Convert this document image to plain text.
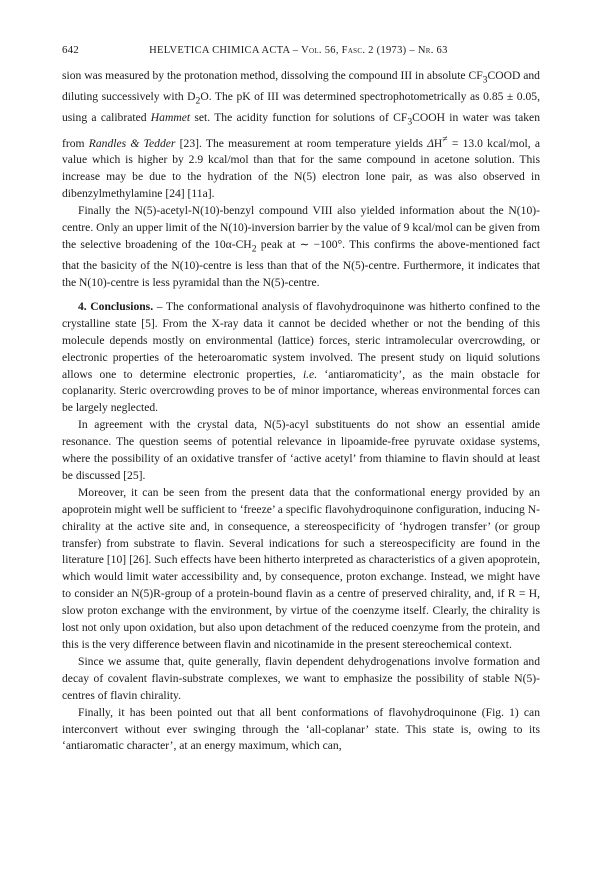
642	HELVETICA CHIMICA ACTA – Vol. 56, Fasc. 2 (1973) – Nr. 63

sion was measured by the protonation method, dissolving the compound III in absolute $CF_3COOD$ and diluting successively with $D_2O$. The pK of III was determined spectrophotometrically as 0.85 ± 0.05, using a calibrated Hammet set. The acidity function for solutions of $CF_3COOH$ in water was taken from Randles & Tedder [23]. The measurement at room temperature yields ΔH≠ = 13.0 kcal/mol, a value which is higher by 2.9 kcal/mol than that for the same compound in acetone solution. This increase may be due to the hydration of the N(5) electron lone pair, as was also observed in dibenzylmethylamine [24] [11a].

Finally the N(5)-acetyl-N(10)-benzyl compound VIII also yielded information about the N(10)-centre. Only an upper limit of the N(10)-inversion barrier by the value of 9 kcal/mol can be given from the selective broadening of the $10\alpha-CH_2$ peak at ∼ −100°. This confirms the above-mentioned fact that the basicity of the N(10)-centre is less than that of the N(5)-centre. Furthermore, it indicates that the N(10)-centre is less pyramidal than the N(5)-centre.

4. Conclusions. – The conformational analysis of flavohydroquinone was hitherto confined to the crystalline state [5]. From the X-ray data it cannot be decided whether or not the bending of this molecule depends mostly on environmental (lattice) forces, steric intramolecular overcrowding, or electronic properties of the heteroaromatic system involved. The present study on liquid solutions allows one to determine electronic properties, i.e. ‘antiaromaticity’, as the main obstacle for coplanarity. Steric overcrowding proves to be of minor importance, whereas environmental forces can be largely neglected.

In agreement with the crystal data, N(5)-acyl substituents do not show an essential amide resonance. The question seems of potential relevance in lipoamide-free pyruvate oxidase systems, where the possibility of an oxidative transfer of ‘active acetyl’ from thiamine to flavin should at least be discussed [25].

Moreover, it can be seen from the present data that the conformational energy provided by an apoprotein might well be sufficient to ‘freeze’ a specific flavohydroquinone configuration, inducing N-chirality at the active site and, in consequence, a stereospecificity of ‘hydrogen transfer’ (or group transfer) from substrate to flavin. Several indications for such a stereospecificity are found in the literature [10] [26]. Such effects have been hitherto interpreted as characteristics of a given apoprotein, which would limit water accessibility and, by consequence, proton exchange. Instead, we might have to consider an N(5)R-group of a protein-bound flavin as a centre of preserved chirality, and, if R = H, slow proton exchange with the environment, by virtue of the coenzyme itself. Clearly, the chirality is lost not only upon oxidation, but also upon detachment of the reduced coenzyme from the protein, and this is the very difference between flavin and nicotinamide in the present stereochemical context.

Since we assume that, quite generally, flavin dependent dehydrogenations involve formation and decay of covalent flavin-substrate complexes, we want to emphasize the possibility of stable N(5)-centres of flavin chirality.

Finally, it has been pointed out that all bent conformations of flavohydroquinone (Fig. 1) can interconvert without ever swinging through the ‘all-coplanar’ state. This state is, owing to its ‘antiaromatic character’, at an energy maximum, which can,
